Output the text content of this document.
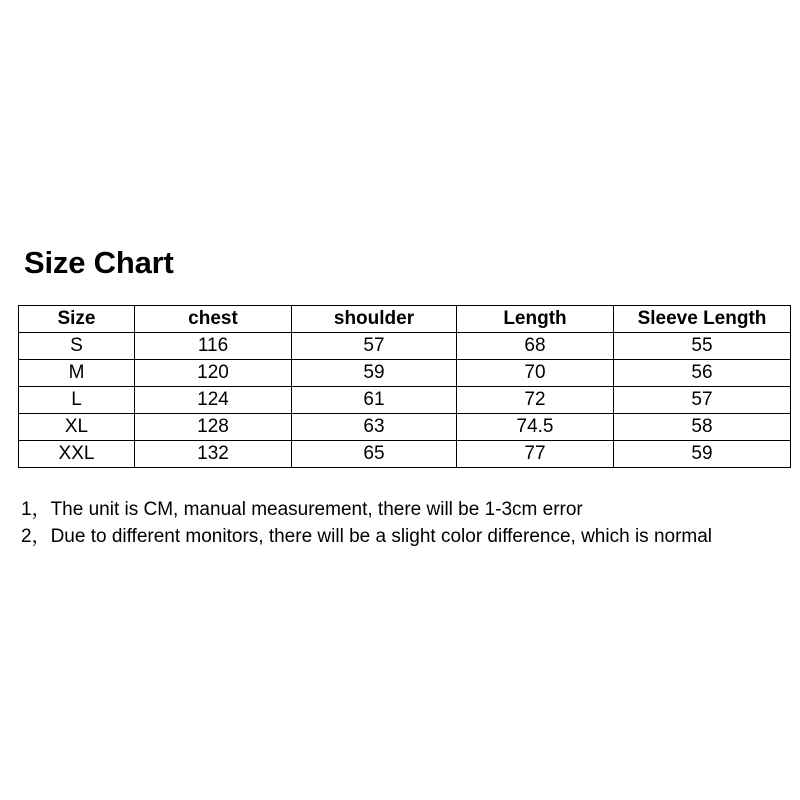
Size Chart
Size	chest	shoulder	Length	Sleeve Length
S	116	57	68	55
M	120	59	70	56
L	124	61	72	57
XL	128	63	74.5	58
XXL	132	65	77	59
1，The unit is CM, manual measurement, there will be 1-3cm error
2，Due to different monitors, there will be a slight color difference, which is normal
